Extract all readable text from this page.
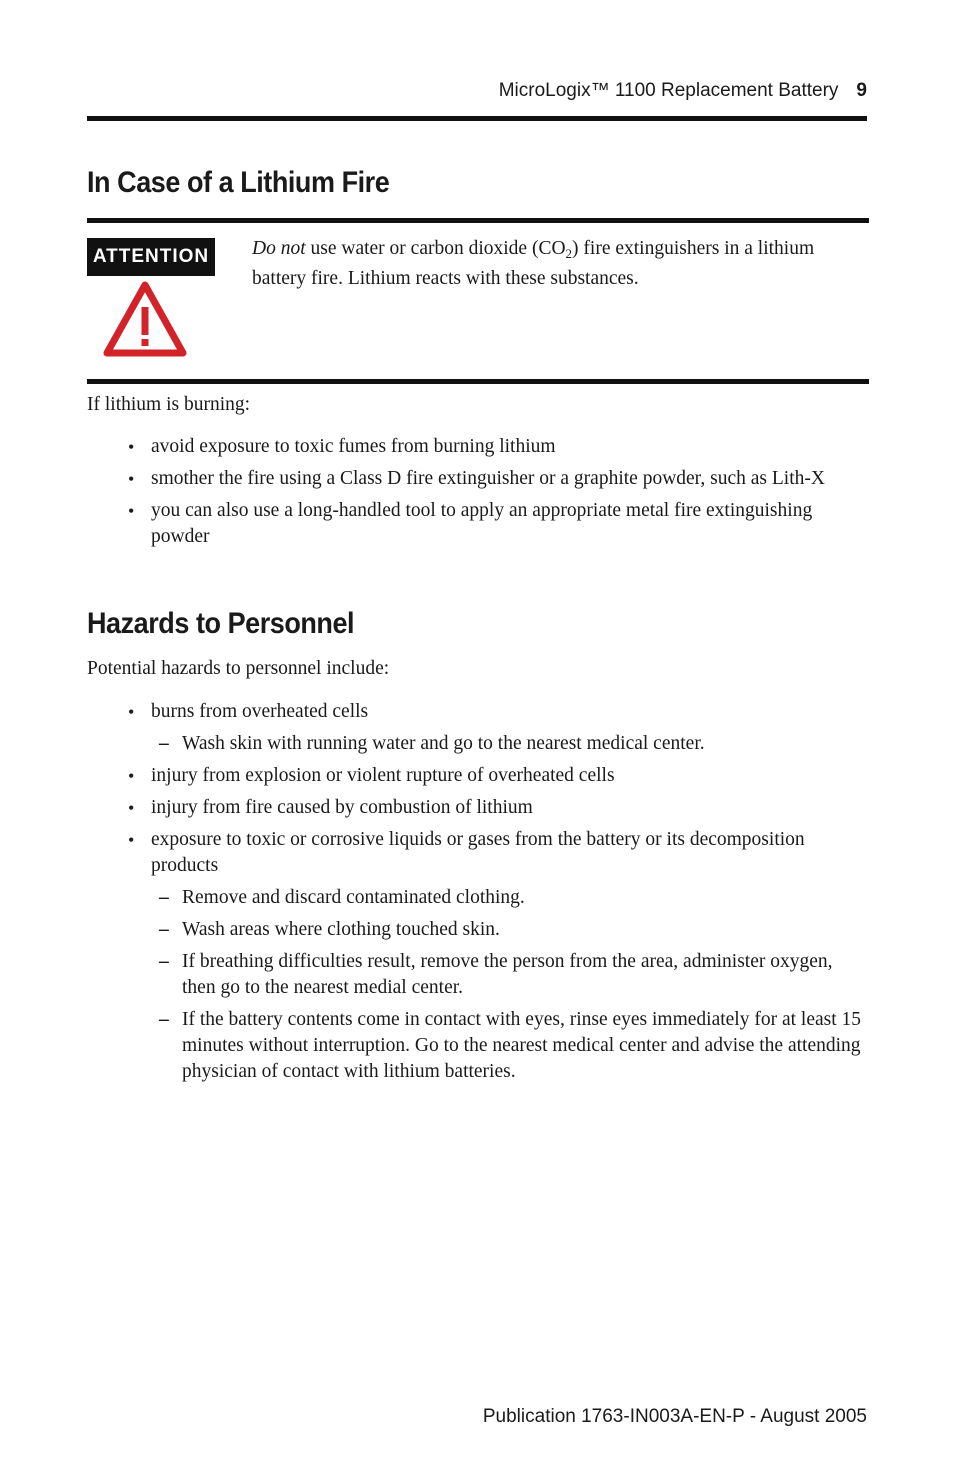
MicroLogix™ 1100 Replacement Battery 9
In Case of a Lithium Fire
ATTENTION Do not use water or carbon dioxide $(CO_2)$ fire extinguishers in a lithium battery fire. Lithium reacts with these substances.

If lithium is burning:

• avoid exposure to toxic fumes from burning lithium
• smother the fire using a Class D fire extinguisher or a graphite powder, such as Lith-X
• you can also use a long-handled tool to apply an appropriate metal fire extinguishing powder
Hazards to Personnel

Potential hazards to personnel include:

• burns from overheated cells
– Wash skin with running water and go to the nearest medical center.
• injury from explosion or violent rupture of overheated cells
• injury from fire caused by combustion of lithium
• exposure to toxic or corrosive liquids or gases from the battery or its decomposition products
– Remove and discard contaminated clothing.
– Wash areas where clothing touched skin.
– If breathing difficulties result, remove the person from the area, administer oxygen, then go to the nearest medial center.
– If the battery contents come in contact with eyes, rinse eyes immediately for at least 15 minutes without interruption. Go to the nearest medical center and advise the attending physician of contact with lithium batteries.
Publication 1763-IN003A-EN-P - August 2005
